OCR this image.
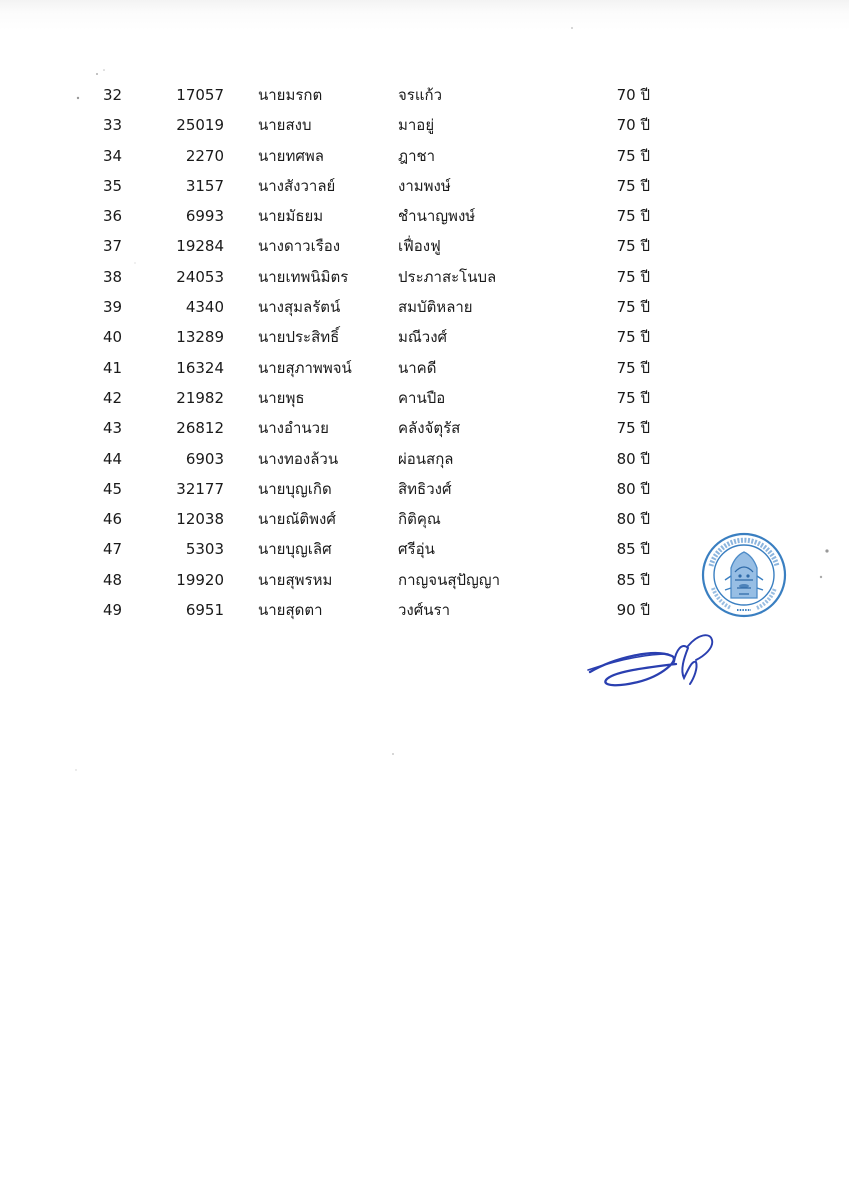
32	17057 นายมรกต	จรแก้ว	70 ปี
33	25019 นายสงบ	มาอยู่	70 ปี
34	2270 นายทศพล	ฎาชา	75 ปี
35	3157 นางสังวาลย์	งามพงษ์	75 ปี
36	6993 นายมัธยม	ชำนาญพงษ์	75 ปี
37	19284 นางดาวเรือง	เฟื่องฟู	75 ปี
38	24053 นายเทพนิมิตร	ประภาสะโนบล	75 ปี
39	4340 นางสุมลรัตน์	สมบัติหลาย	75 ปี
40	13289 นายประสิทธิ์	มณีวงศ์	75 ปี
41	16324 นายสุภาพพจน์	นาคดี	75 ปี
42	21982 นายพุธ	คานปือ	75 ปี
43	26812 นางอำนวย	คลังจัตุรัส	75 ปี
44	6903 นางทองล้วน	ผ่อนสกุล	80 ปี
45	32177 นายบุญเกิด	สิทธิวงศ์	80 ปี
46	12038 นายณัติพงศ์	กิติคุณ	80 ปี
47	5303 นายบุญเลิศ	ศรีอุ่น	85 ปี
48	19920 นายสุพรหม	กาญจนสุปัญญา	85 ปี
49	6951 นายสุดตา	วงศ์นรา	90 ปี
